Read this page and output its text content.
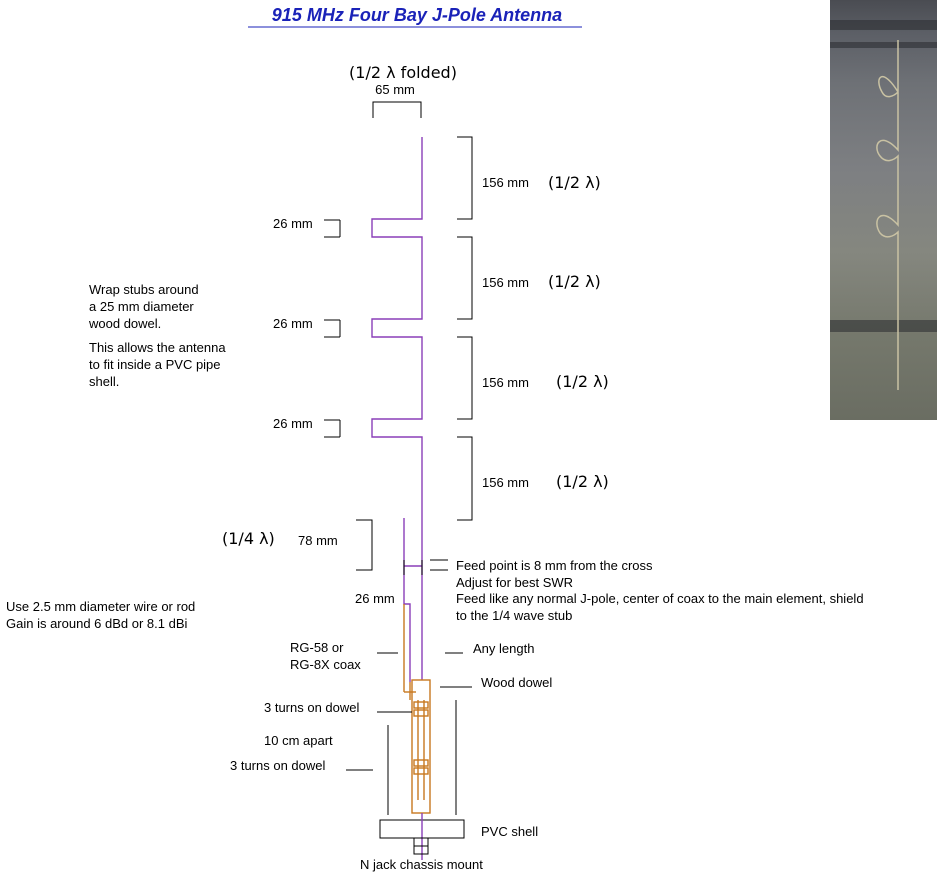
915 MHz Four Bay J-Pole Antenna
(1/2 λ folded)
65 mm
156 mm (1/2 λ)
156 mm (1/2 λ)
156 mm (1/2 λ)
156 mm (1/2 λ)
26 mm
26 mm
26 mm
Wrap stubs around
a 25 mm diameter
wood dowel.
This allows the antenna
to fit inside a PVC pipe
shell.
(1/4 λ) 78 mm
Feed point is 8 mm from the cross
Adjust for best SWR
Feed like any normal J-pole, center of coax to the main element, shield
to the 1/4 wave stub
26 mm
Use 2.5 mm diameter wire or rod
Gain is around 6 dBd or 8.1 dBi
RG-58 or
RG-8X coax
Any length
Wood dowel
PVC shell
N jack chassis mount
3 turns on dowel
10 cm apart
3 turns on dowel
